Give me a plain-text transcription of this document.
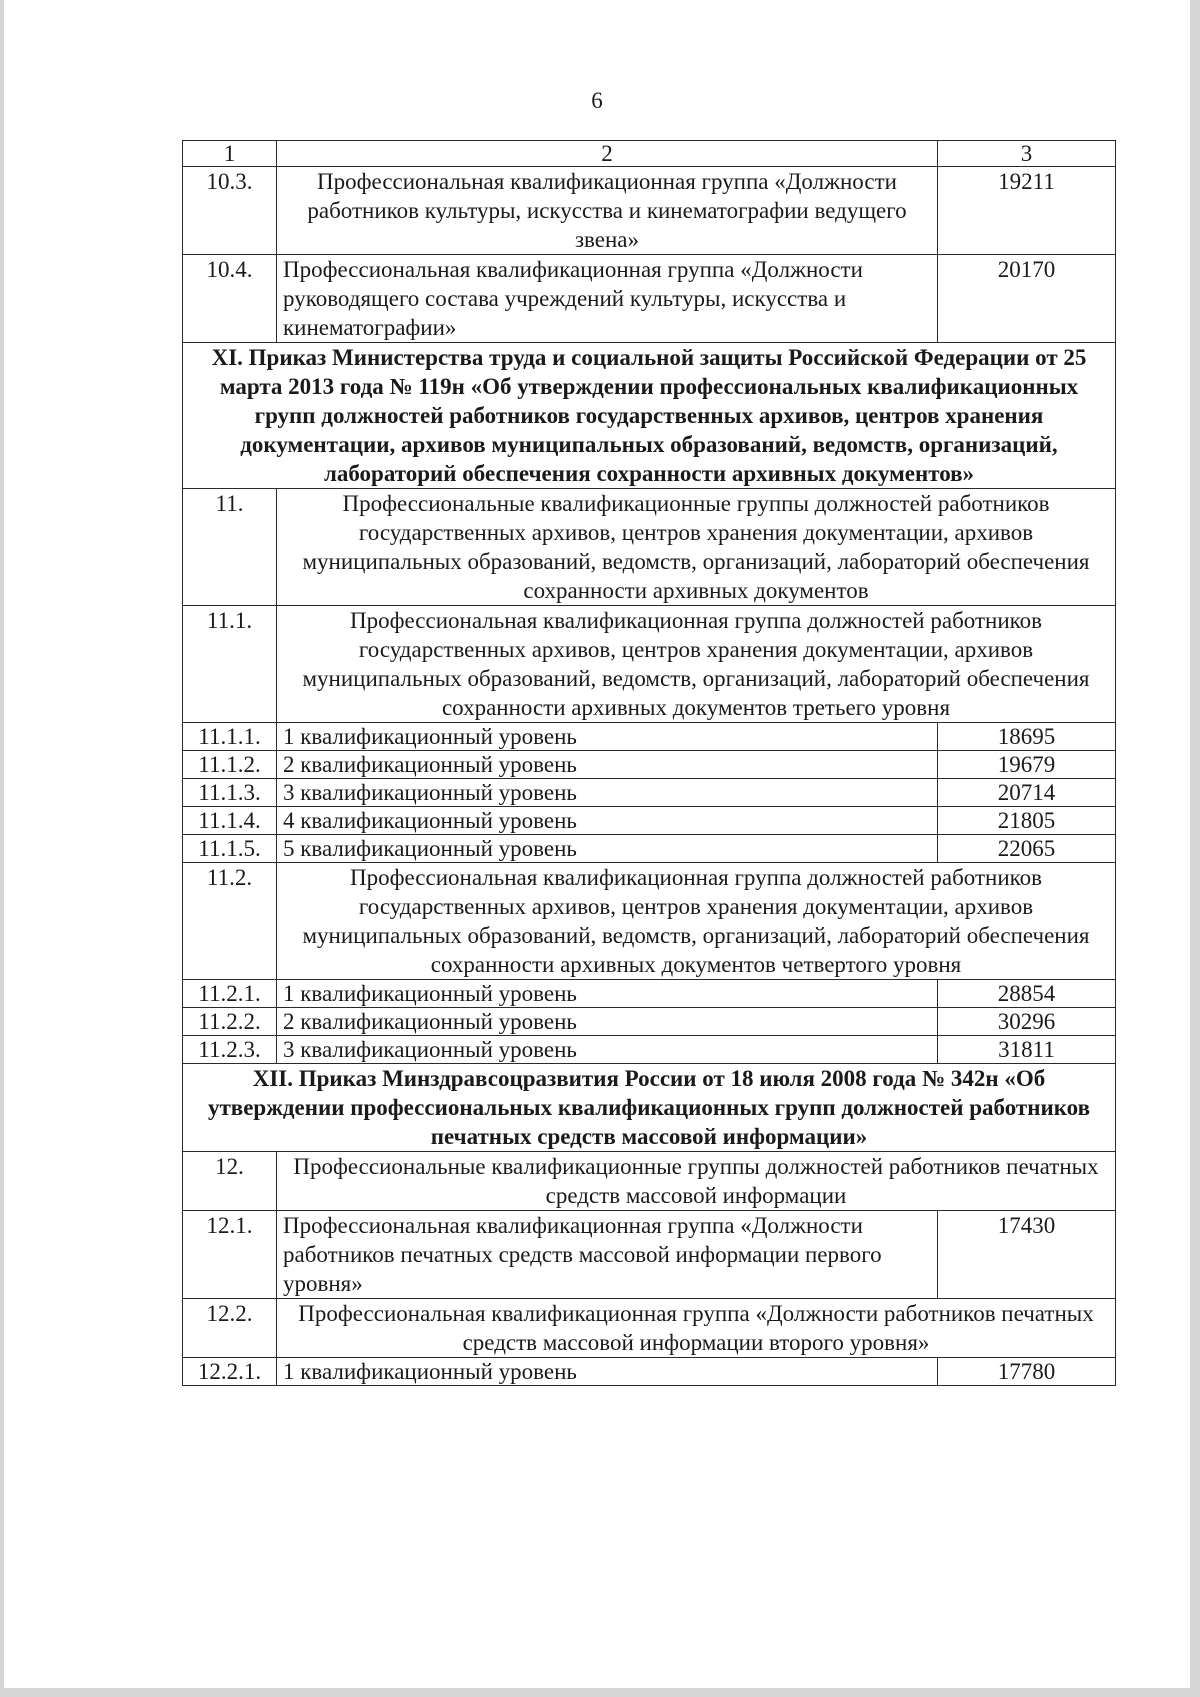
6
1	2	3
10.3.	Профессиональная квалификационная группа «Должности работников культуры, искусства и кинематографии ведущего звена»	19211
10.4.	Профессиональная квалификационная группа «Должности руководящего состава учреждений культуры, искусства и кинематографии»	20170
XI. Приказ Министерства труда и социальной защиты Российской Федерации от 25 марта 2013 года № 119н «Об утверждении профессиональных квалификационных групп должностей работников государственных архивов, центров хранения документации, архивов муниципальных образований, ведомств, организаций, лабораторий обеспечения сохранности архивных документов»		
11.	Профессиональные квалификационные группы должностей работников государственных архивов, центров хранения документации, архивов муниципальных образований, ведомств, организаций, лабораторий обеспечения сохранности архивных документов	
11.1.	Профессиональная квалификационная группа должностей работников государственных архивов, центров хранения документации, архивов муниципальных образований, ведомств, организаций, лабораторий обеспечения сохранности архивных документов третьего уровня	
11.1.1.	1 квалификационный уровень	18695
11.1.2.	2 квалификационный уровень	19679
11.1.3.	3 квалификационный уровень	20714
11.1.4.	4 квалификационный уровень	21805
11.1.5.	5 квалификационный уровень	22065
11.2.	Профессиональная квалификационная группа должностей работников государственных архивов, центров хранения документации, архивов муниципальных образований, ведомств, организаций, лабораторий обеспечения сохранности архивных документов четвертого уровня	
11.2.1.	1 квалификационный уровень	28854
11.2.2.	2 квалификационный уровень	30296
11.2.3.	3 квалификационный уровень	31811
XII. Приказ Минздравсоцразвития России от 18 июля 2008 года № 342н «Об утверждении профессиональных квалификационных групп должностей работников печатных средств массовой информации»		
12.	Профессиональные квалификационные группы должностей работников печатных средств массовой информации	
12.1.	Профессиональная квалификационная группа «Должности работников печатных средств массовой информации первого уровня»	17430
12.2.	Профессиональная квалификационная группа «Должности работников печатных средств массовой информации второго уровня»	
12.2.1.	1 квалификационный уровень	17780
